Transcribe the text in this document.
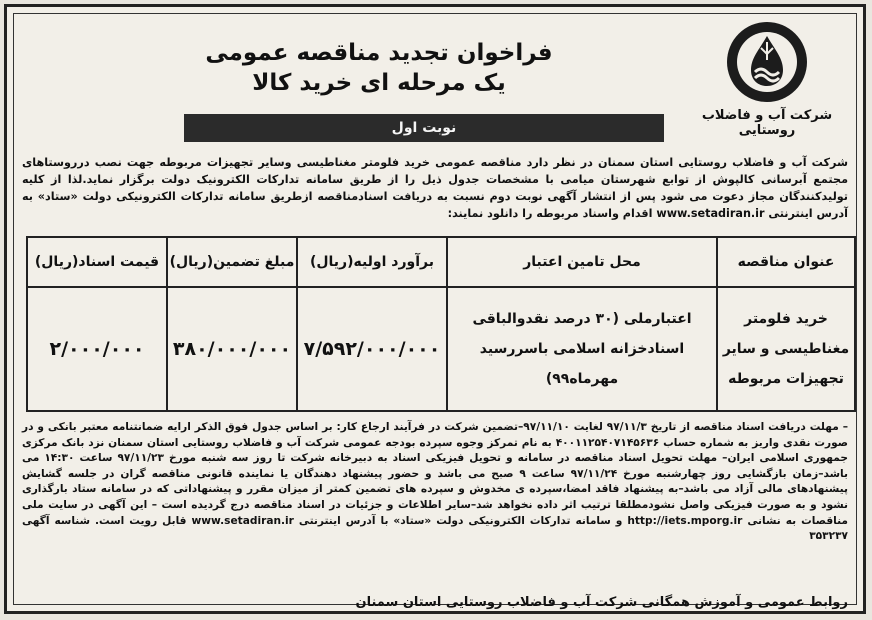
شرکت آب و فاضلاب روستایی
فراخوان تجدید مناقصه عمومی
یک مرحله ای خرید کالا
نوبت اول
شرکت آب و فاضلاب روستایی استان سمنان در نظر دارد مناقصه عمومی خرید فلومتر مغناطیسی وسایر تجهیزات مربوطه جهت نصب درروستاهای مجتمع آبرسانی کالپوش از توابع شهرستان میامی با مشخصات جدول ذیل را از طریق سامانه تدارکات الکترونیک دولت برگزار نماید.لذا از کلیه تولیدکنندگان مجاز دعوت می شود پس از انتشار آگهی نوبت دوم نسبت به دریافت اسنادمناقصه ازطریق سامانه تدارکات الکترونیکی دولت «ستاد» به آدرس اینترنتی www.setadiran.ir اقدام واسناد مربوطه را دانلود نمایند:
عنوان مناقصه	محل تامین اعتبار	برآورد اولیه(ریال)	مبلغ تضمین(ریال)	قیمت اسناد(ریال)
خرید فلومتر مغناطیسی و سایر تجهیزات مربوطه	اعتبارملی (۳۰ درصد نقدوالباقی اسنادخزانه اسلامی باسررسید مهرماه۹۹)	۷/۵۹۲/۰۰۰/۰۰۰	۳۸۰/۰۰۰/۰۰۰	۲/۰۰۰/۰۰۰
– مهلت دریافت اسناد مناقصه از تاریخ ۹۷/۱۱/۳ لغایت ۹۷/۱۱/۱۰–تضمین شرکت در فرآیند ارجاع کار: بر اساس جدول فوق الذکر ارایه ضمانتنامه معتبر بانکی و در صورت نقدی واریز به شماره حساب ۴۰۰۱۱۲۵۴۰۷۱۴۵۶۳۶ به نام تمرکز وجوه سپرده بودجه عمومی شرکت آب و فاضلاب روستایی استان سمنان نزد بانک مرکزی جمهوری اسلامی ایران– مهلت تحویل اسناد مناقصه در سامانه و تحویل فیزیکی اسناد به دبیرخانه شرکت تا روز سه شنبه مورخ ۹۷/۱۱/۲۳ ساعت ۱۴:۳۰ می باشد–زمان بازگشایی روز چهارشنبه مورخ ۹۷/۱۱/۲۴ ساعت ۹ صبح می باشد و حضور پیشنهاد دهندگان یا نماینده قانونی مناقصه گران در جلسه گشایش پیشنهادهای مالی آزاد می باشد–به پیشنهاد فاقد امضا،سپرده ی مخدوش و سپرده های تضمین کمتر از میزان مقرر و پیشنهاداتی که در سامانه ستاد بارگذاری نشود و به صورت فیزیکی واصل نشودمطلقا ترتیب اثر داده نخواهد شد–سایر اطلاعات و جزئیات در اسناد مناقصه درج گردیده است – این آگهی در سایت ملی مناقصات به نشانی http://iets.mporg.ir و سامانه تدارکات الکترونیکی دولت «ستاد» با آدرس اینترنتی www.setadiran.ir قابل رویت است. شناسه آگهی ۳۵۳۲۳۷
روابط عمومی و آموزش همگانی شرکت آب و فاضلاب روستایی استان سمنان
